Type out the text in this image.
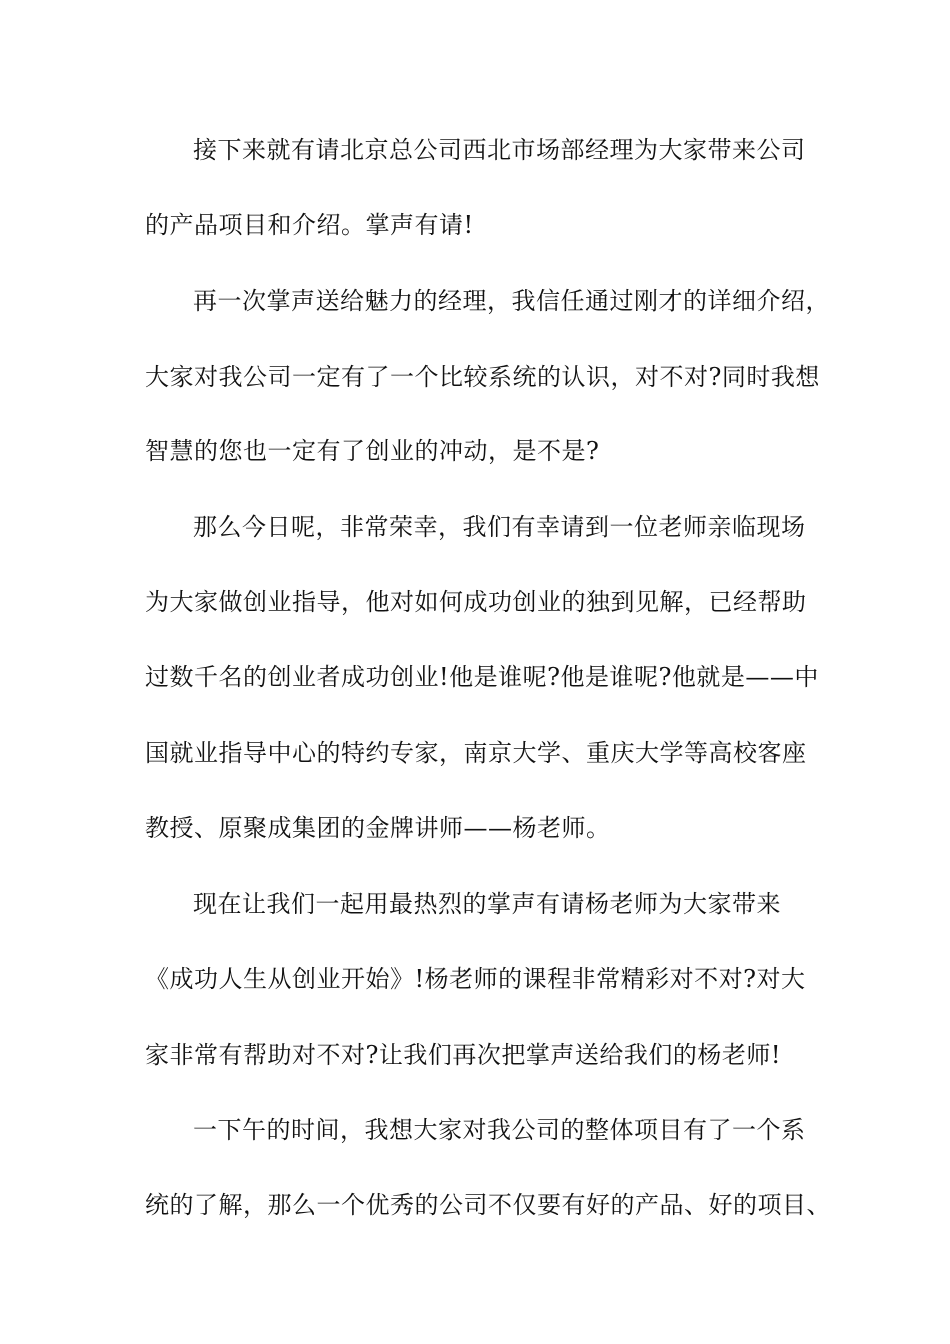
接下来就有请北京总公司西北市场部经理为大家带来公司
的产品项目和介绍。掌声有请!
再一次掌声送给魅力的经理，我信任通过刚才的详细介绍，
大家对我公司一定有了一个比较系统的认识，对不对?同时我想
智慧的您也一定有了创业的冲动，是不是?
那么今日呢，非常荣幸，我们有幸请到一位老师亲临现场
为大家做创业指导，他对如何成功创业的独到见解，已经帮助
过数千名的创业者成功创业!他是谁呢?他是谁呢?他就是——中
国就业指导中心的特约专家，南京大学、重庆大学等高校客座
教授、原聚成集团的金牌讲师——杨老师。
现在让我们一起用最热烈的掌声有请杨老师为大家带来
《成功人生从创业开始》!杨老师的课程非常精彩对不对?对大
家非常有帮助对不对?让我们再次把掌声送给我们的杨老师!
一下午的时间，我想大家对我公司的整体项目有了一个系
统的了解，那么一个优秀的公司不仅要有好的产品、好的项目、
